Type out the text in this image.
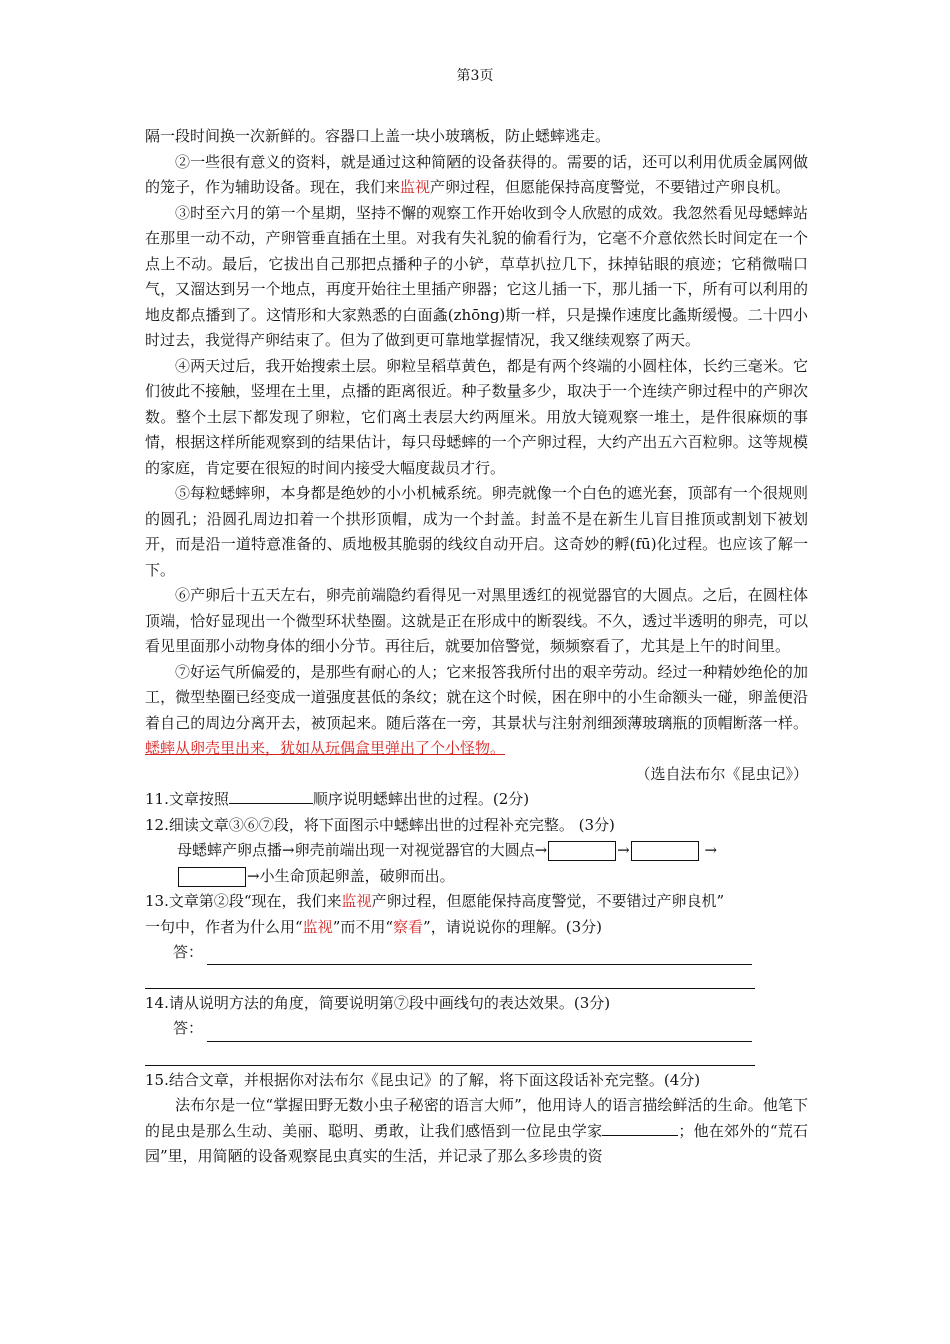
第3页

隔一段时间换一次新鲜的。容器口上盖一块小玻璃板，防止蟋蟀逃走。

②一些很有意义的资料，就是通过这种简陋的设备获得的。需要的话，还可以利用优质金属网做的笼子，作为辅助设备。现在，我们来监视产卵过程，但愿能保持高度警觉，不要错过产卵良机。

③时至六月的第一个星期，坚持不懈的观察工作开始收到令人欣慰的成效。我忽然看见母蟋蟀站在那里一动不动，产卵管垂直插在土里。对我有失礼貌的偷看行为，它毫不介意依然长时间定在一个点上不动。最后，它拔出自己那把点播种子的小铲，草草扒拉几下，抹掉钻眼的痕迹；它稍微喘口气，又溜达到另一个地点，再度开始往土里插产卵器；它这儿插一下，那儿插一下，所有可以利用的地皮都点播到了。这情形和大家熟悉的白面螽(zhōng)斯一样，只是操作速度比螽斯缓慢。二十四小时过去，我觉得产卵结束了。但为了做到更可靠地掌握情况，我又继续观察了两天。

④两天过后，我开始搜索土层。卵粒呈稻草黄色，都是有两个终端的小圆柱体，长约三毫米。它们彼此不接触，竖埋在土里，点播的距离很近。种子数量多少，取决于一个连续产卵过程中的产卵次数。整个土层下都发现了卵粒，它们离土表层大约两厘米。用放大镜观察一堆土，是件很麻烦的事情，根据这样所能观察到的结果估计，每只母蟋蟀的一个产卵过程，大约产出五六百粒卵。这等规模的家庭，肯定要在很短的时间内接受大幅度裁员才行。

⑤每粒蟋蟀卵，本身都是绝妙的小小机械系统。卵壳就像一个白色的遮光套，顶部有一个很规则的圆孔；沿圆孔周边扣着一个拱形顶帽，成为一个封盖。封盖不是在新生儿盲目推顶或割划下被划开，而是沿一道特意准备的、质地极其脆弱的线纹自动开启。这奇妙的孵(fū)化过程。也应该了解一下。

⑥产卵后十五天左右，卵壳前端隐约看得见一对黑里透红的视觉器官的大圆点。之后，在圆柱体顶端，恰好显现出一个微型环状垫圈。这就是正在形成中的断裂线。不久，透过半透明的卵壳，可以看见里面那小动物身体的细小分节。再往后，就要加倍警觉，频频察看了，尤其是上午的时间里。

⑦好运气所偏爱的，是那些有耐心的人；它来报答我所付出的艰辛劳动。经过一种精妙绝伦的加工，微型垫圈已经变成一道强度甚低的条纹；就在这个时候，困在卵中的小生命额头一碰，卵盖便沿着自己的周边分离开去，被顶起来。随后落在一旁，其景状与注射剂细颈薄玻璃瓶的顶帽断落一样。蟋蟀从卵壳里出来，犹如从玩偶盒里弹出了个小怪物。

（选自法布尔《昆虫记》）

11.文章按照	顺序说明蟋蟀出世的过程。(2分)

12.细读文章③⑥⑦段，将下面图示中蟋蟀出世的过程补充完整。 (3分)

母蟋蟀产卵点播→卵壳前端出现一对视觉器官的大圆点→	→	→

→小生命顶起卵盖，破卵而出。

13.文章第②段“现在，我们来监视产卵过程，但愿能保持高度警觉，不要错过产卵良机”

一句中，作者为什么用“监视”而不用“察看”，请说说你的理解。(3分)

答：

14.请从说明方法的角度，简要说明第⑦段中画线句的表达效果。(3分)

答：

15.结合文章，并根据你对法布尔《昆虫记》的了解，将下面这段话补充完整。(4分)

法布尔是一位“掌握田野无数小虫子秘密的语言大师”，他用诗人的语言描绘鲜活的生命。他笔下的昆虫是那么生动、美丽、聪明、勇敢，让我们感悟到一位昆虫学家	；他在郊外的“荒石园”里，用简陋的设备观察昆虫真实的生活，并记录了那么多珍贵的资
